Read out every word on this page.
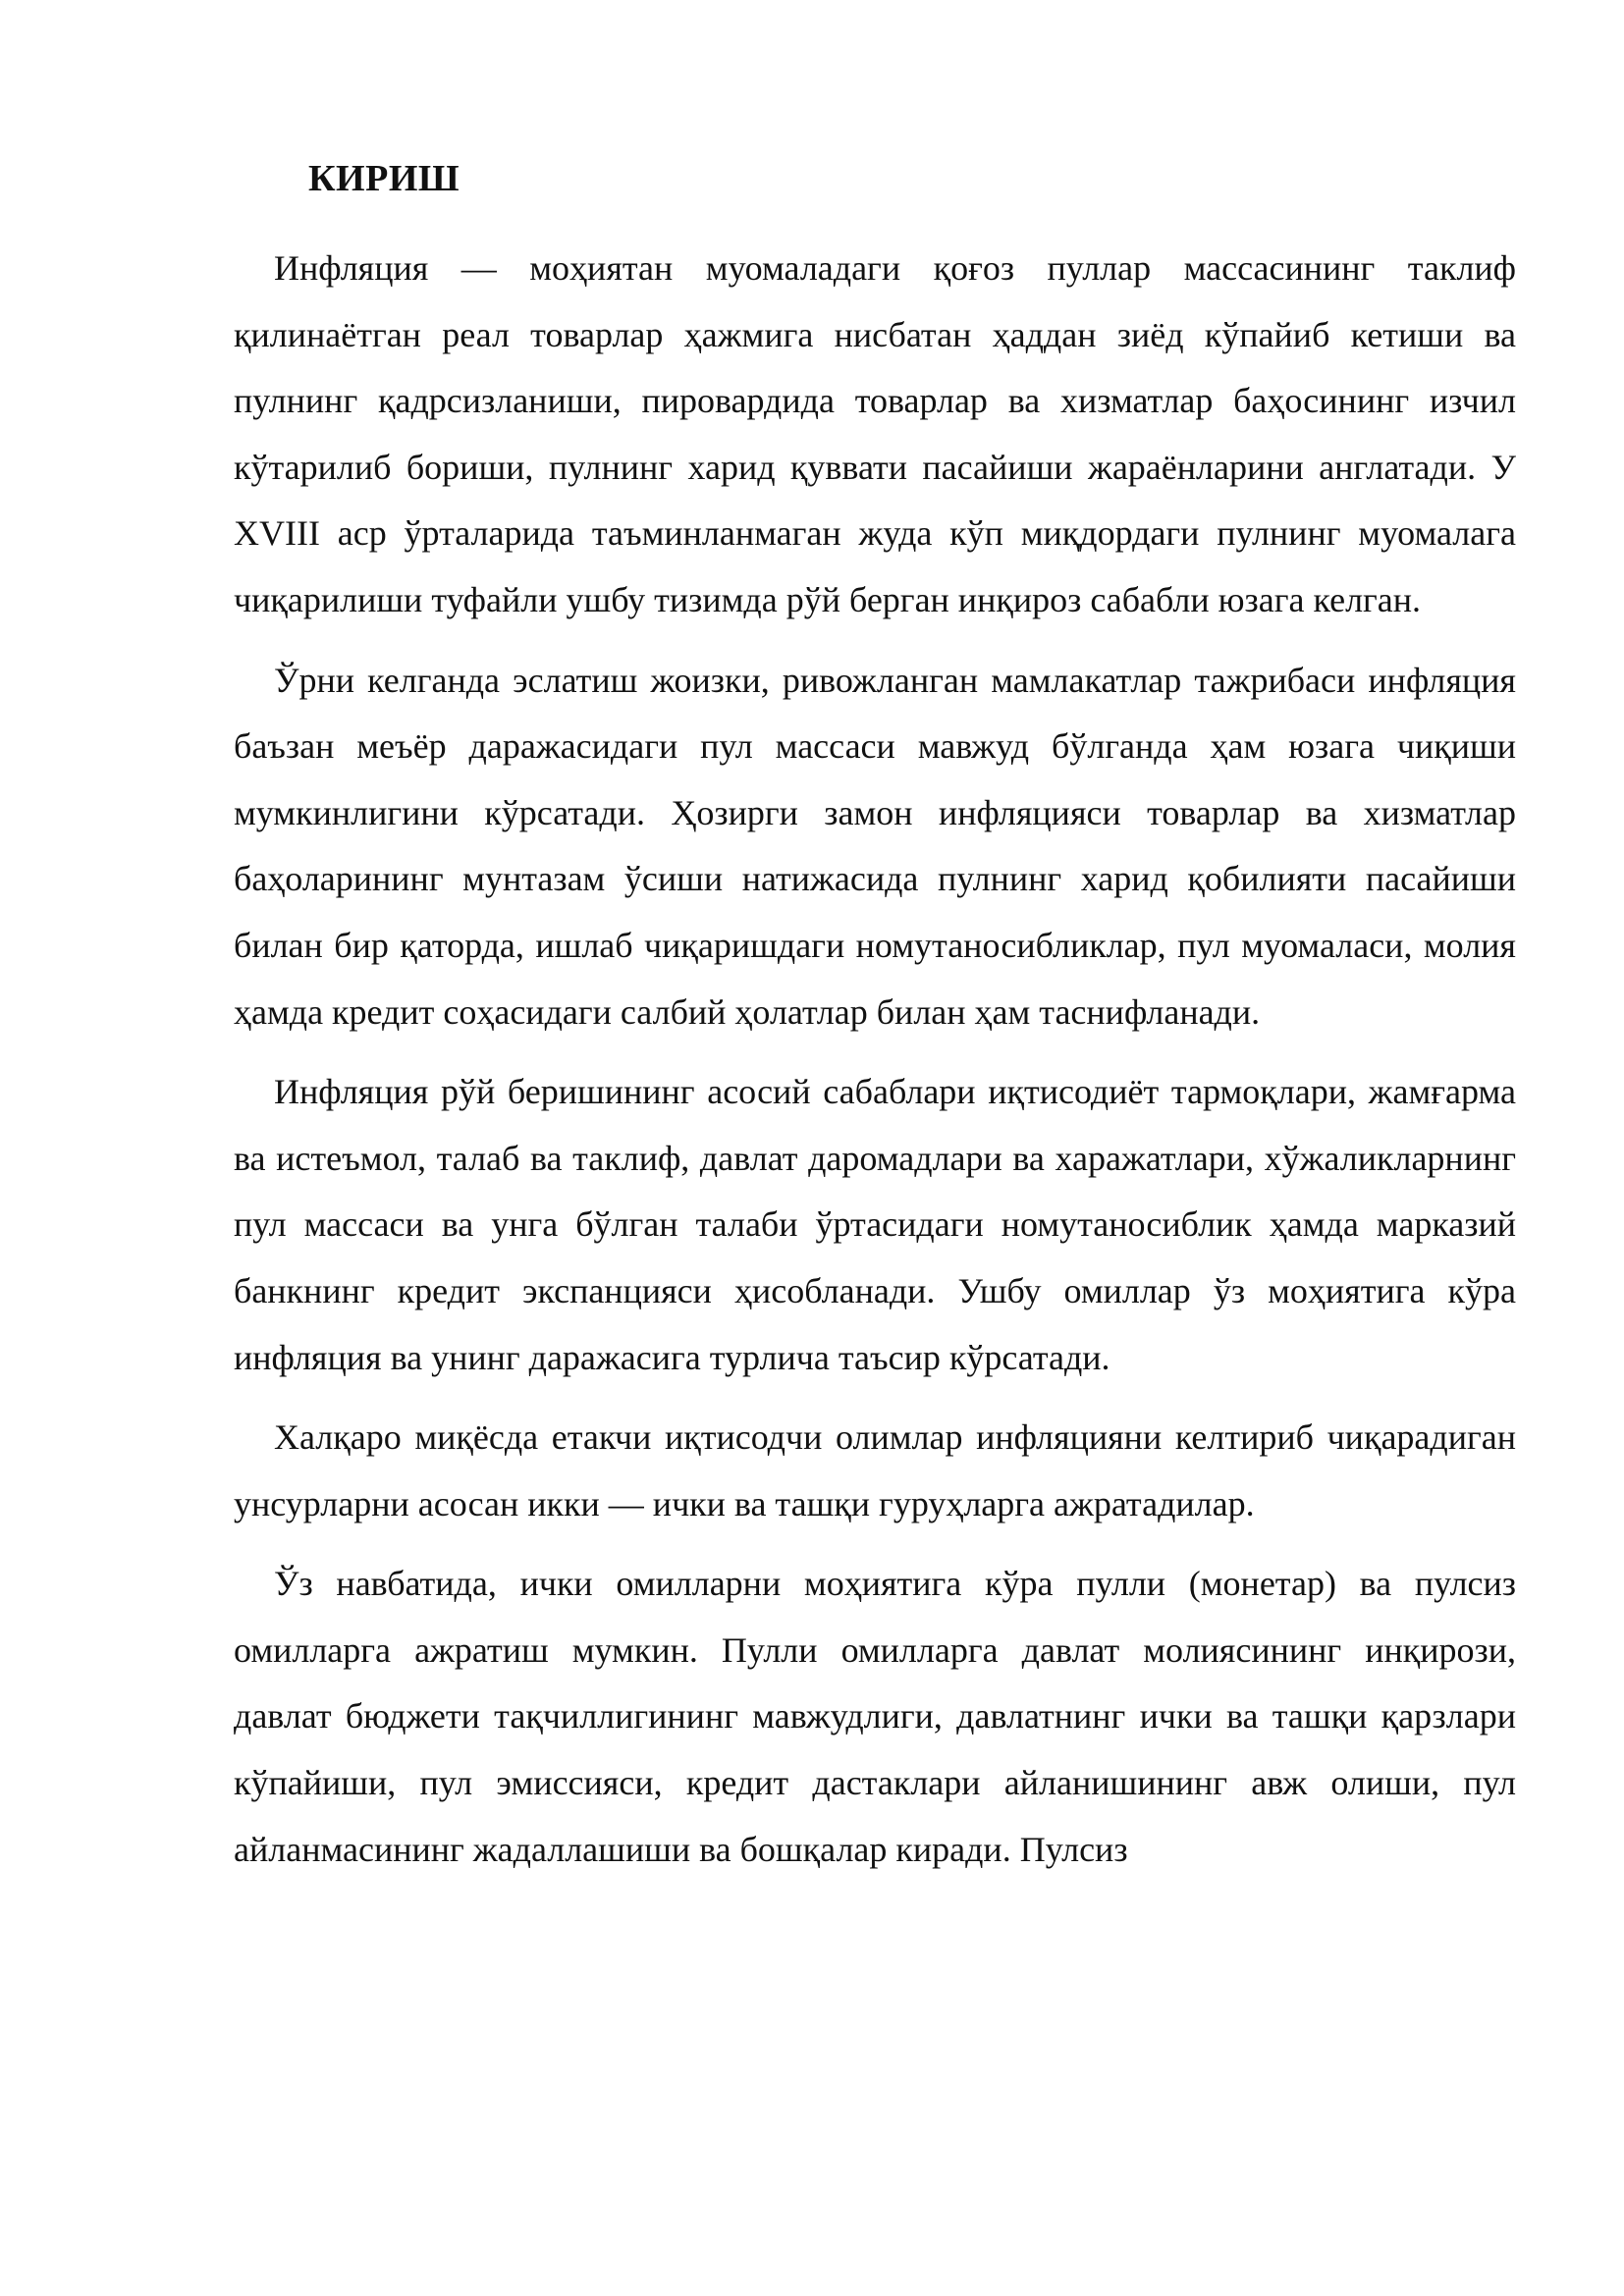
КИРИШ

Инфляция — моҳиятан муомаладаги қоғоз пуллар массасининг таклиф қилинаётган реал товарлар ҳажмига нисбатан ҳаддан зиёд кўпайиб кетиши ва пулнинг қадрсизланиши, пировардида товарлар ва хизматлар баҳосининг изчил кўтарилиб бориши, пулнинг харид қуввати пасайиши жараёнларини англатади. У XVIII аср ўрталарида таъминланмаган жуда кўп миқдордаги пулнинг муомалага чиқарилиши туфайли ушбу тизимда рўй берган инқироз сабабли юзага келган.

Ўрни келганда эслатиш жоизки, ривожланган мамлакатлар тажрибаси инфляция баъзан меъёр даражасидаги пул массаси мавжуд бўлганда ҳам юзага чиқиши мумкинлигини кўрсатади. Ҳозирги замон инфляцияси товарлар ва хизматлар баҳоларининг мунтазам ўсиши натижасида пулнинг харид қобилияти пасайиши билан бир қаторда, ишлаб чиқаришдаги номутаносибликлар, пул муомаласи, молия ҳамда кредит соҳасидаги салбий ҳолатлар билан ҳам таснифланади.

Инфляция рўй беришининг асосий сабаблари иқтисодиёт тармоқлари, жамғарма ва истеъмол, талаб ва таклиф, давлат даромадлари ва харажатлари, хўжаликларнинг пул массаси ва унга бўлган талаби ўртасидаги номутаносиблик ҳамда марказий банкнинг кредит экспанцияси ҳисобланади. Ушбу омиллар ўз моҳиятига кўра инфляция ва унинг даражасига турлича таъсир кўрсатади.

Халқаро миқёсда етакчи иқтисодчи олимлар инфляцияни келтириб чиқарадиган унсурларни асосан икки — ички ва ташқи гуруҳларга ажратадилар.

Ўз навбатида, ички омилларни моҳиятига кўра пулли (монетар) ва пулсиз омилларга ажратиш мумкин. Пулли омилларга давлат молиясининг инқирози, давлат бюджети тақчиллигининг мавжудлиги, давлатнинг ички ва ташқи қарзлари кўпайиши, пул эмиссияси, кредит дастаклари айланишининг авж олиши, пул айланмасининг жадаллашиши ва бошқалар киради. Пулсиз
